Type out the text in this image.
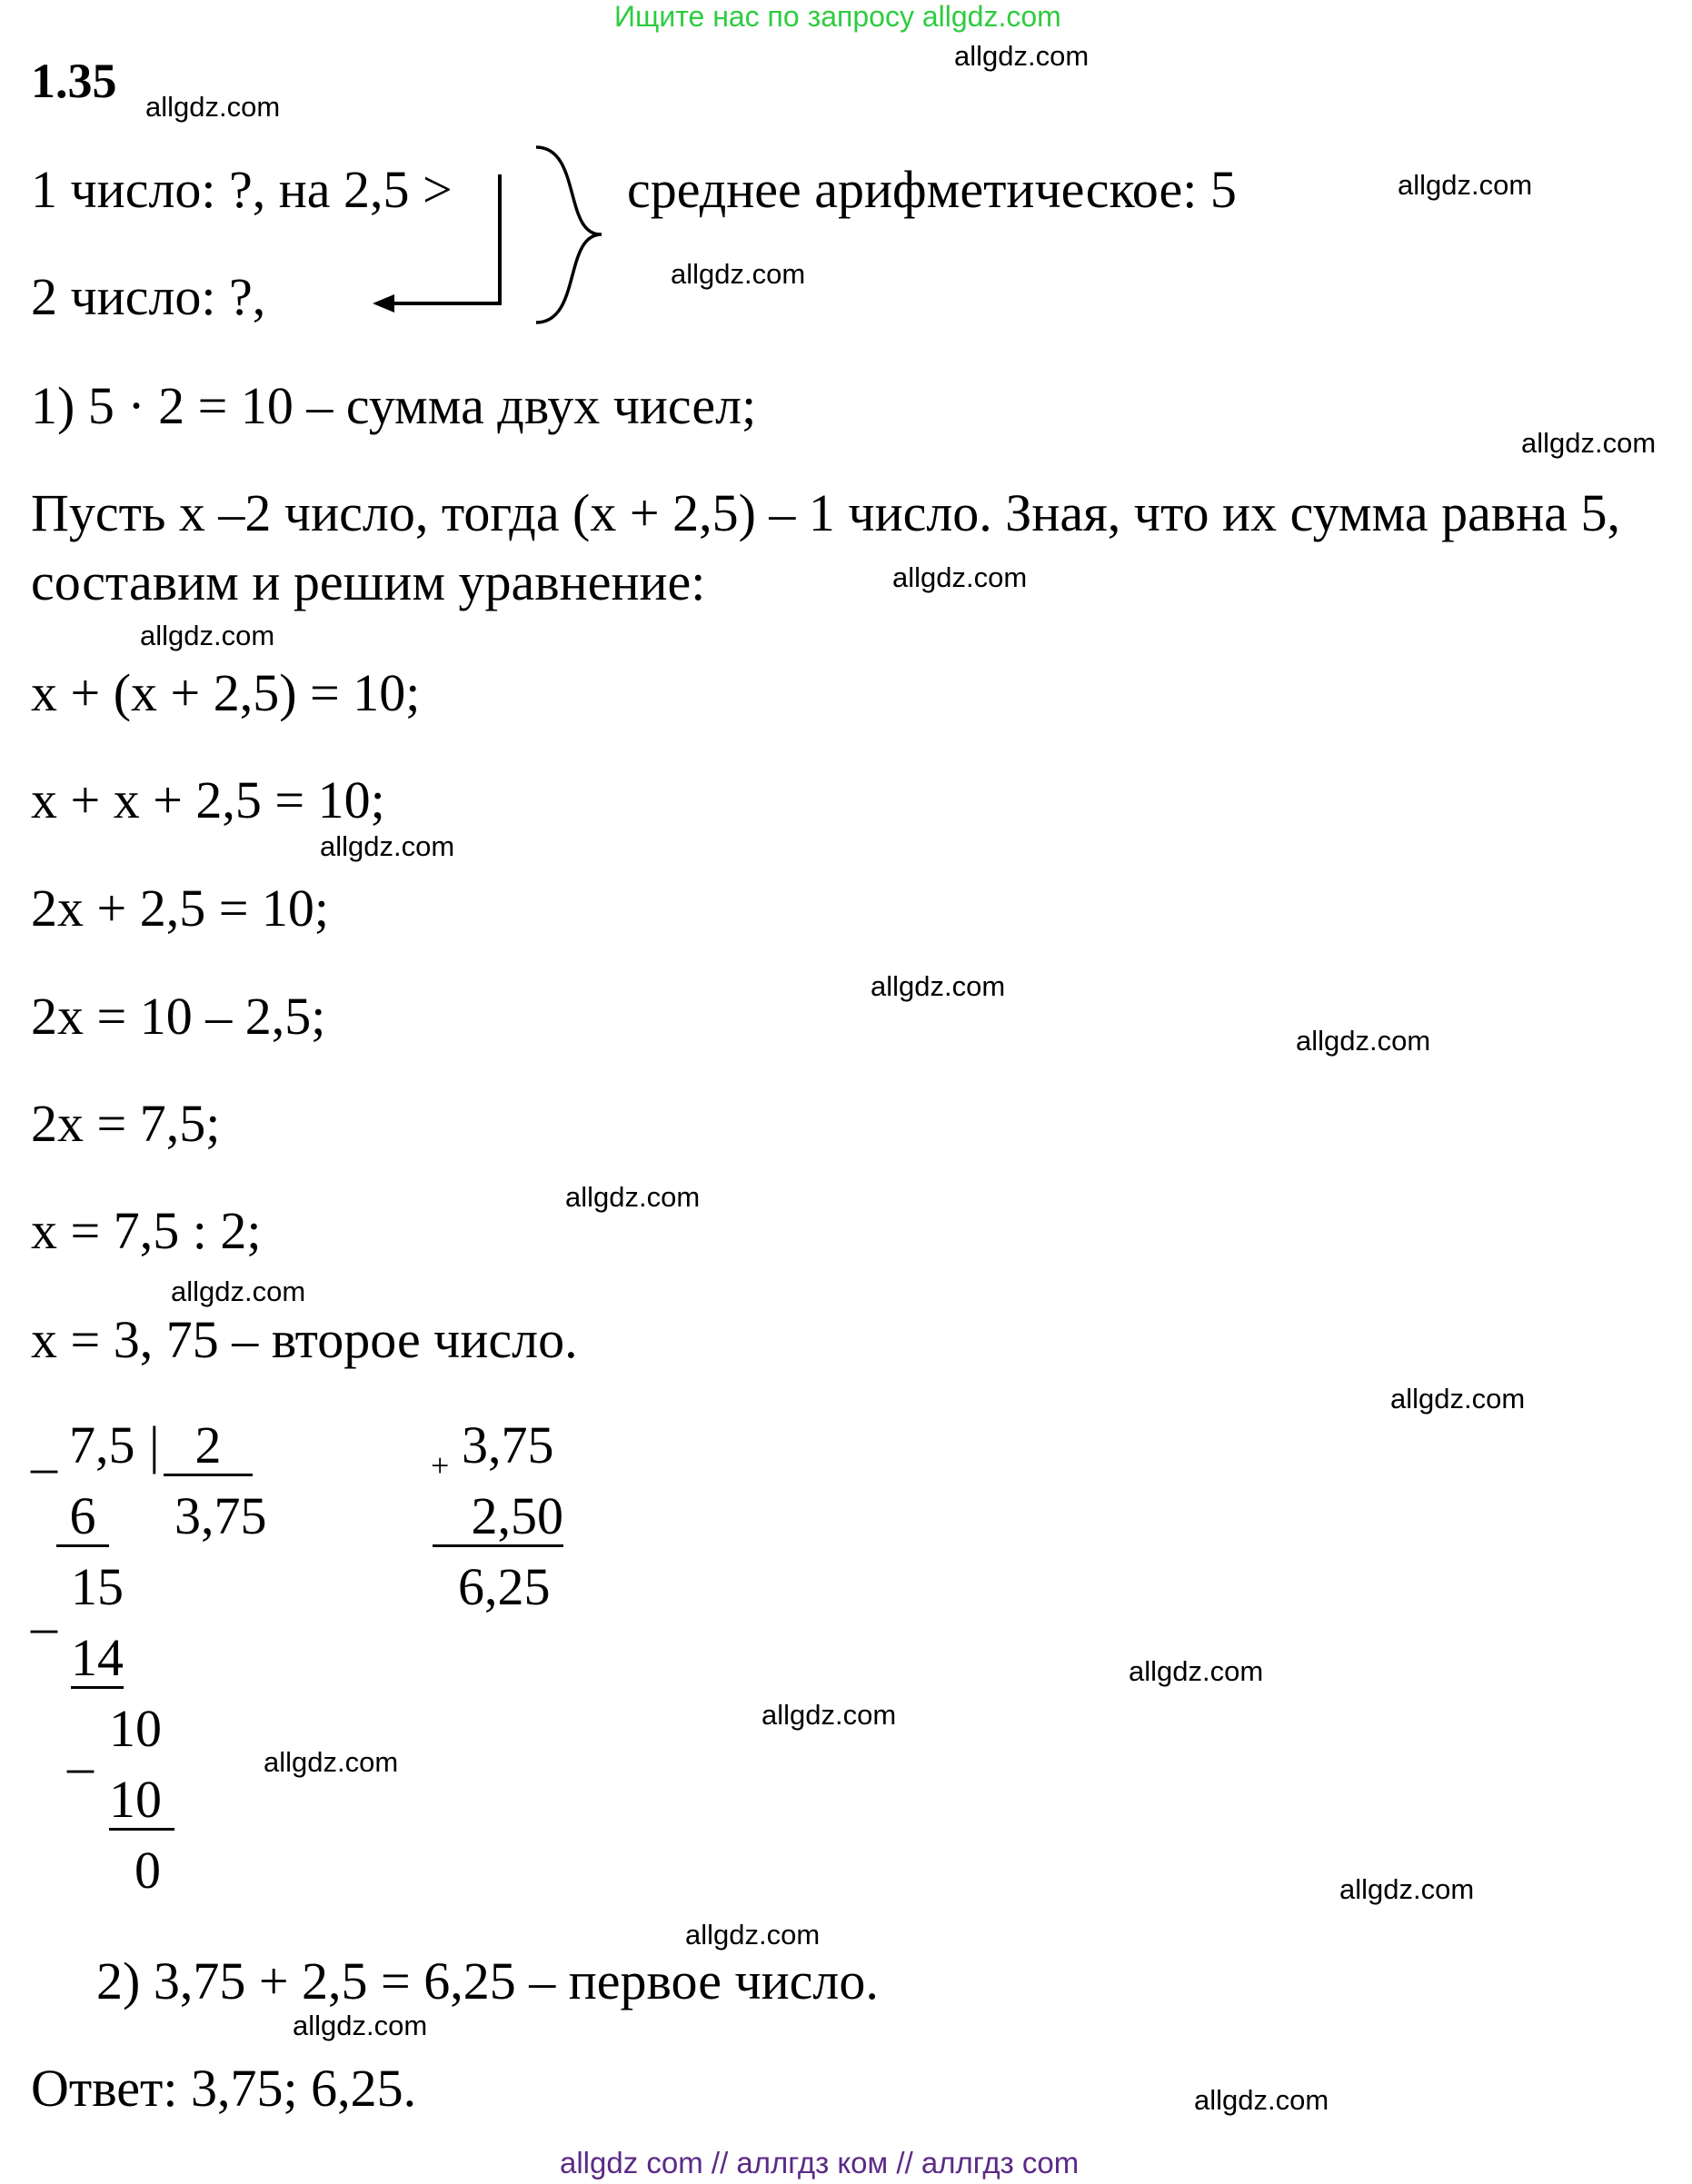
Ищите нас по запросу allgdz.com
1.35
1 число: ?, на 2,5 >
2 число: ?,
среднее арифметическое: 5
1) 5 · 2 = 10 – сумма двух чисел;
Пусть х –2 число, тогда (х + 2,5) – 1 число. Зная, что их сумма равна 5,
составим и решим уравнение:
х + (х + 2,5) = 10;
х + х + 2,5 = 10;
2х + 2,5 = 10;
2х = 10 – 2,5;
2х = 7,5;
х = 7,5 : 2;
х = 3, 75 – второе число.
_ 7,5 | 2
6 3,75
_ 15
14
_ 10
10
0
+ 3,75
2,50
6,25
2) 3,75 + 2,5 = 6,25 – первое число.
Ответ: 3,75; 6,25.
allgdz.com
allgdz.com
allgdz.com
allgdz.com
allgdz.com
allgdz.com
allgdz.com
allgdz.com
allgdz.com
allgdz.com
allgdz.com
allgdz.com
allgdz.com
allgdz.com
allgdz.com
allgdz.com
allgdz.com
allgdz.com
allgdz.com
allgdz.com
allgdz com // аллгдз ком // аллгдз com
